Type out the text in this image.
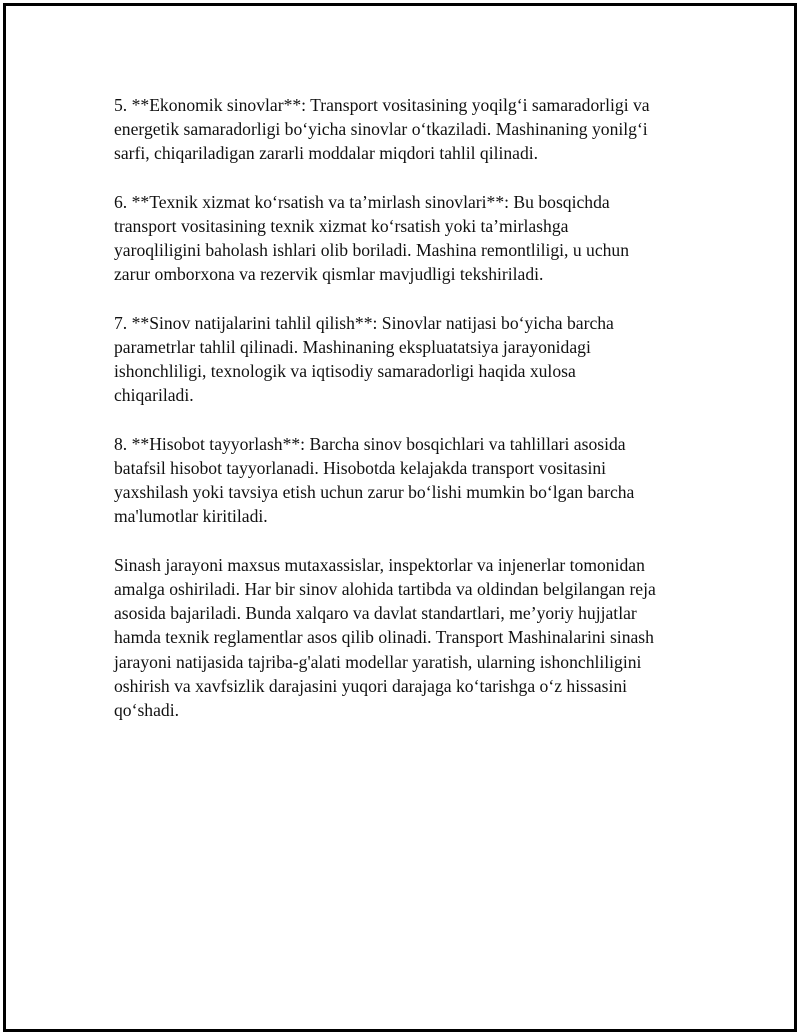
5. **Ekonomik sinovlar**: Transport vositasining yoqilg‘i samaradorligi va
energetik samaradorligi bo‘yicha sinovlar o‘tkaziladi. Mashinaning yonilg‘i
sarfi, chiqariladigan zararli moddalar miqdori tahlil qilinadi.

6. **Texnik xizmat ko‘rsatish va ta’mirlash sinovlari**: Bu bosqichda
transport vositasining texnik xizmat ko‘rsatish yoki ta’mirlashga
yaroqliligini baholash ishlari olib boriladi. Mashina remontliligi, u uchun
zarur omborxona va rezervik qismlar mavjudligi tekshiriladi.

7. **Sinov natijalarini tahlil qilish**: Sinovlar natijasi bo‘yicha barcha
parametrlar tahlil qilinadi. Mashinaning ekspluatatsiya jarayonidagi
ishonchliligi, texnologik va iqtisodiy samaradorligi haqida xulosa
chiqariladi.

8. **Hisobot tayyorlash**: Barcha sinov bosqichlari va tahlillari asosida
batafsil hisobot tayyorlanadi. Hisobotda kelajakda transport vositasini
yaxshilash yoki tavsiya etish uchun zarur bo‘lishi mumkin bo‘lgan barcha
ma'lumotlar kiritiladi.

Sinash jarayoni maxsus mutaxassislar, inspektorlar va injenerlar tomonidan
amalga oshiriladi. Har bir sinov alohida tartibda va oldindan belgilangan reja
asosida bajariladi. Bunda xalqaro va davlat standartlari, me’yoriy hujjatlar
hamda texnik reglamentlar asos qilib olinadi. Transport Mashinalarini sinash
jarayoni natijasida tajriba-g'alati modellar yaratish, ularning ishonchliligini
oshirish va xavfsizlik darajasini yuqori darajaga ko‘tarishga o‘z hissasini
qo‘shadi.
